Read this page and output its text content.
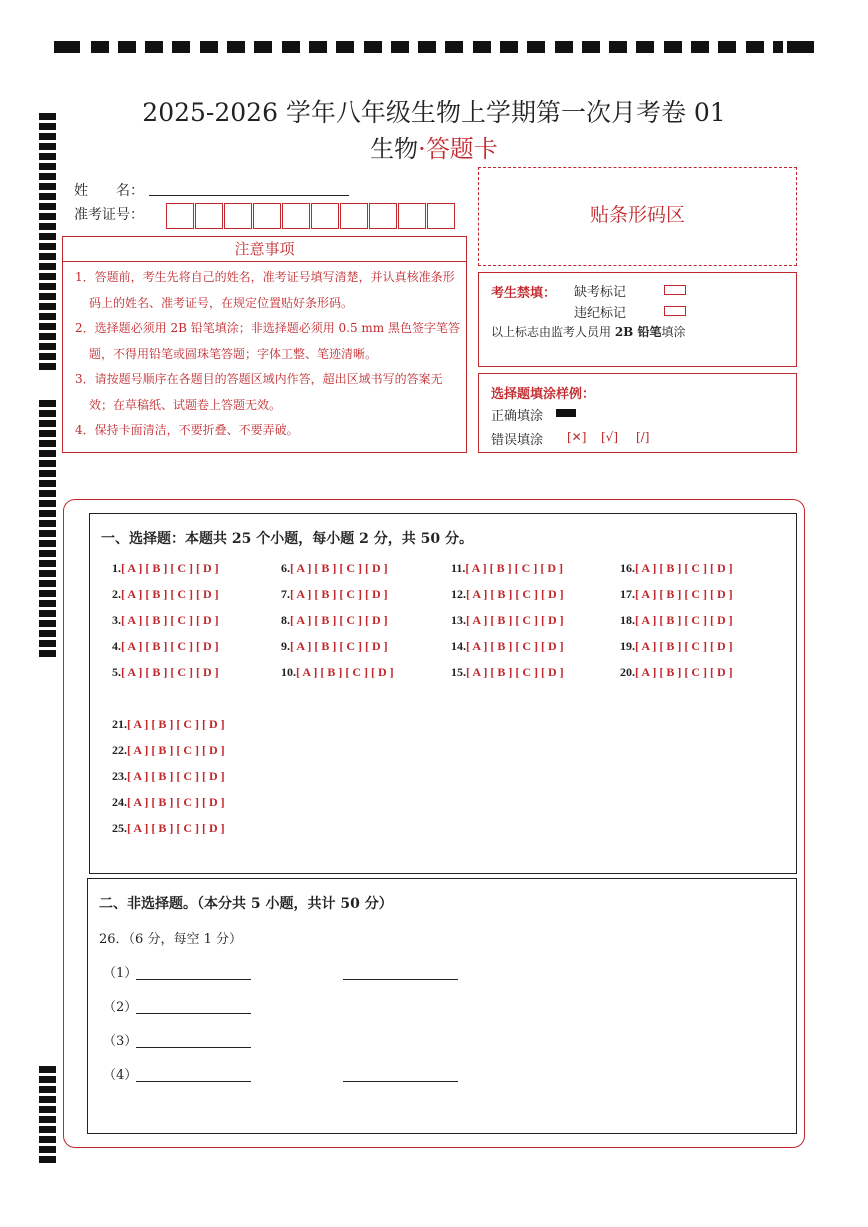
2025-2026 学年八年级生物上学期第一次月考卷 01
生物·答题卡
姓　　名：
准考证号：
注意事项

1．答题前，考生先将自己的姓名，准考证号填写清楚，并认真核准条形码上的姓名、准考证号，在规定位置贴好条形码。

2．选择题必须用 2B 铅笔填涂；非选择题必须用 0.5 mm 黑色签字笔答题，不得用铅笔或圆珠笔答题；字体工整、笔迹清晰。

3．请按题号顺序在各题目的答题区域内作答，超出区域书写的答案无效；在草稿纸、试题卷上答题无效。

4．保持卡面清洁，不要折叠、不要弄破。

贴条形码区
考生禁填： 缺考标记
违纪标记
以上标志由监考人员用 2B 铅笔填涂
选择题填涂样例：
正确填涂
错误填涂 [✕] [√] [/]
一、选择题：本题共 25 个小题，每小题 2 分，共 50 分。
1.[ A ] [ B ] [ C ] [ D ]
2.[ A ] [ B ] [ C ] [ D ]
3.[ A ] [ B ] [ C ] [ D ]
4.[ A ] [ B ] [ C ] [ D ]
5.[ A ] [ B ] [ C ] [ D ]
6.[ A ] [ B ] [ C ] [ D ]
7.[ A ] [ B ] [ C ] [ D ]
8.[ A ] [ B ] [ C ] [ D ]
9.[ A ] [ B ] [ C ] [ D ]
10.[ A ] [ B ] [ C ] [ D ]
11.[ A ] [ B ] [ C ] [ D ]
12.[ A ] [ B ] [ C ] [ D ]
13.[ A ] [ B ] [ C ] [ D ]
14.[ A ] [ B ] [ C ] [ D ]
15.[ A ] [ B ] [ C ] [ D ]
16.[ A ] [ B ] [ C ] [ D ]
17.[ A ] [ B ] [ C ] [ D ]
18.[ A ] [ B ] [ C ] [ D ]
19.[ A ] [ B ] [ C ] [ D ]
20.[ A ] [ B ] [ C ] [ D ]
21.[ A ] [ B ] [ C ] [ D ]
22.[ A ] [ B ] [ C ] [ D ]
23.[ A ] [ B ] [ C ] [ D ]
24.[ A ] [ B ] [ C ] [ D ]
25.[ A ] [ B ] [ C ] [ D ]
二、非选择题。（本分共 5 小题，共计 50 分）
26．（6 分，每空 1 分）
（1）
（2）
（3）
（4）
